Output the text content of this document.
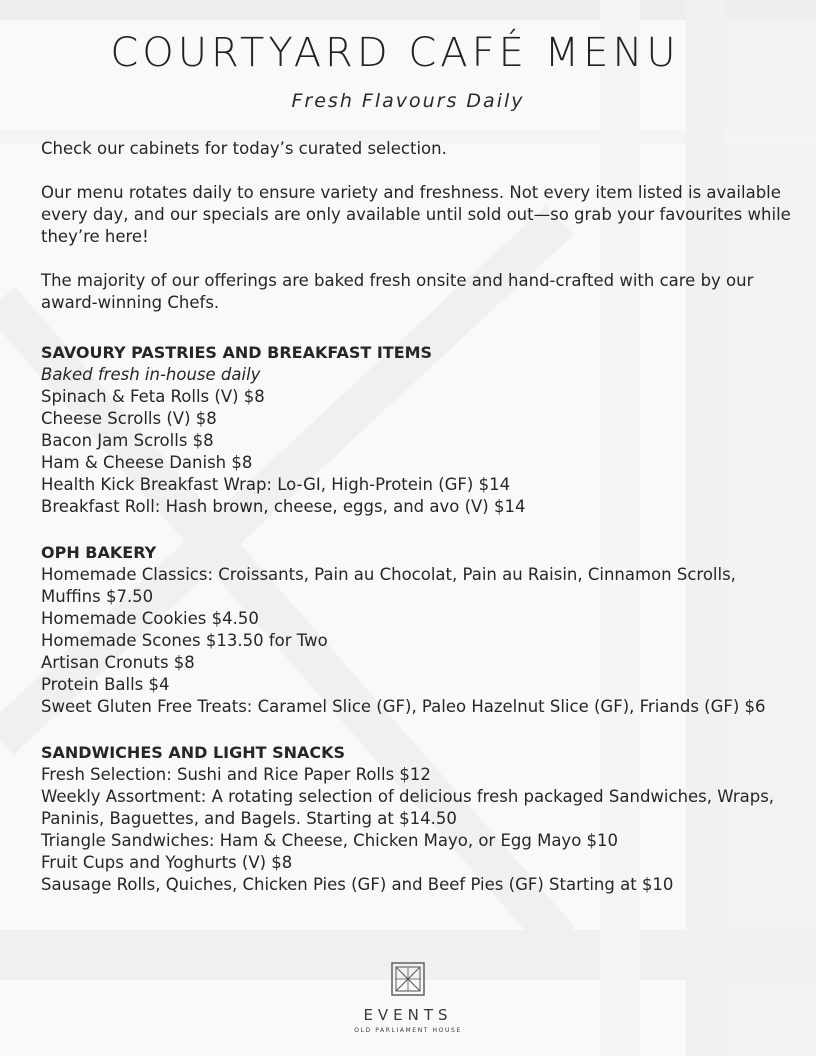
COURTYARD CAFÉ MENU
Fresh Flavours Daily

Check our cabinets for today’s curated selection.

Our menu rotates daily to ensure variety and freshness. Not every item listed is available every day, and our specials are only available until sold out—so grab your favourites while they’re here!

The majority of our offerings are baked fresh onsite and hand-crafted with care by our award-winning Chefs.

SAVOURY PASTRIES AND BREAKFAST ITEMS

Baked fresh in-house daily

Spinach & Feta Rolls (V) $8

Cheese Scrolls (V) $8

Bacon Jam Scrolls $8

Ham & Cheese Danish $8

Health Kick Breakfast Wrap: Lo-GI, High-Protein (GF) $14

Breakfast Roll: Hash brown, cheese, eggs, and avo (V) $14

OPH BAKERY

Homemade Classics: Croissants, Pain au Chocolat, Pain au Raisin, Cinnamon Scrolls, Muffins $7.50

Homemade Cookies $4.50

Homemade Scones $13.50 for Two

Artisan Cronuts $8

Protein Balls $4

Sweet Gluten Free Treats: Caramel Slice (GF), Paleo Hazelnut Slice (GF), Friands (GF) $6

SANDWICHES AND LIGHT SNACKS

Fresh Selection: Sushi and Rice Paper Rolls $12

Weekly Assortment: A rotating selection of delicious fresh packaged Sandwiches, Wraps, Paninis, Baguettes, and Bagels. Starting at $14.50

Triangle Sandwiches: Ham & Cheese, Chicken Mayo, or Egg Mayo $10

Fruit Cups and Yoghurts (V) $8

Sausage Rolls, Quiches, Chicken Pies (GF) and Beef Pies (GF) Starting at $10

EVENTS
OLD PARLIAMENT HOUSE
